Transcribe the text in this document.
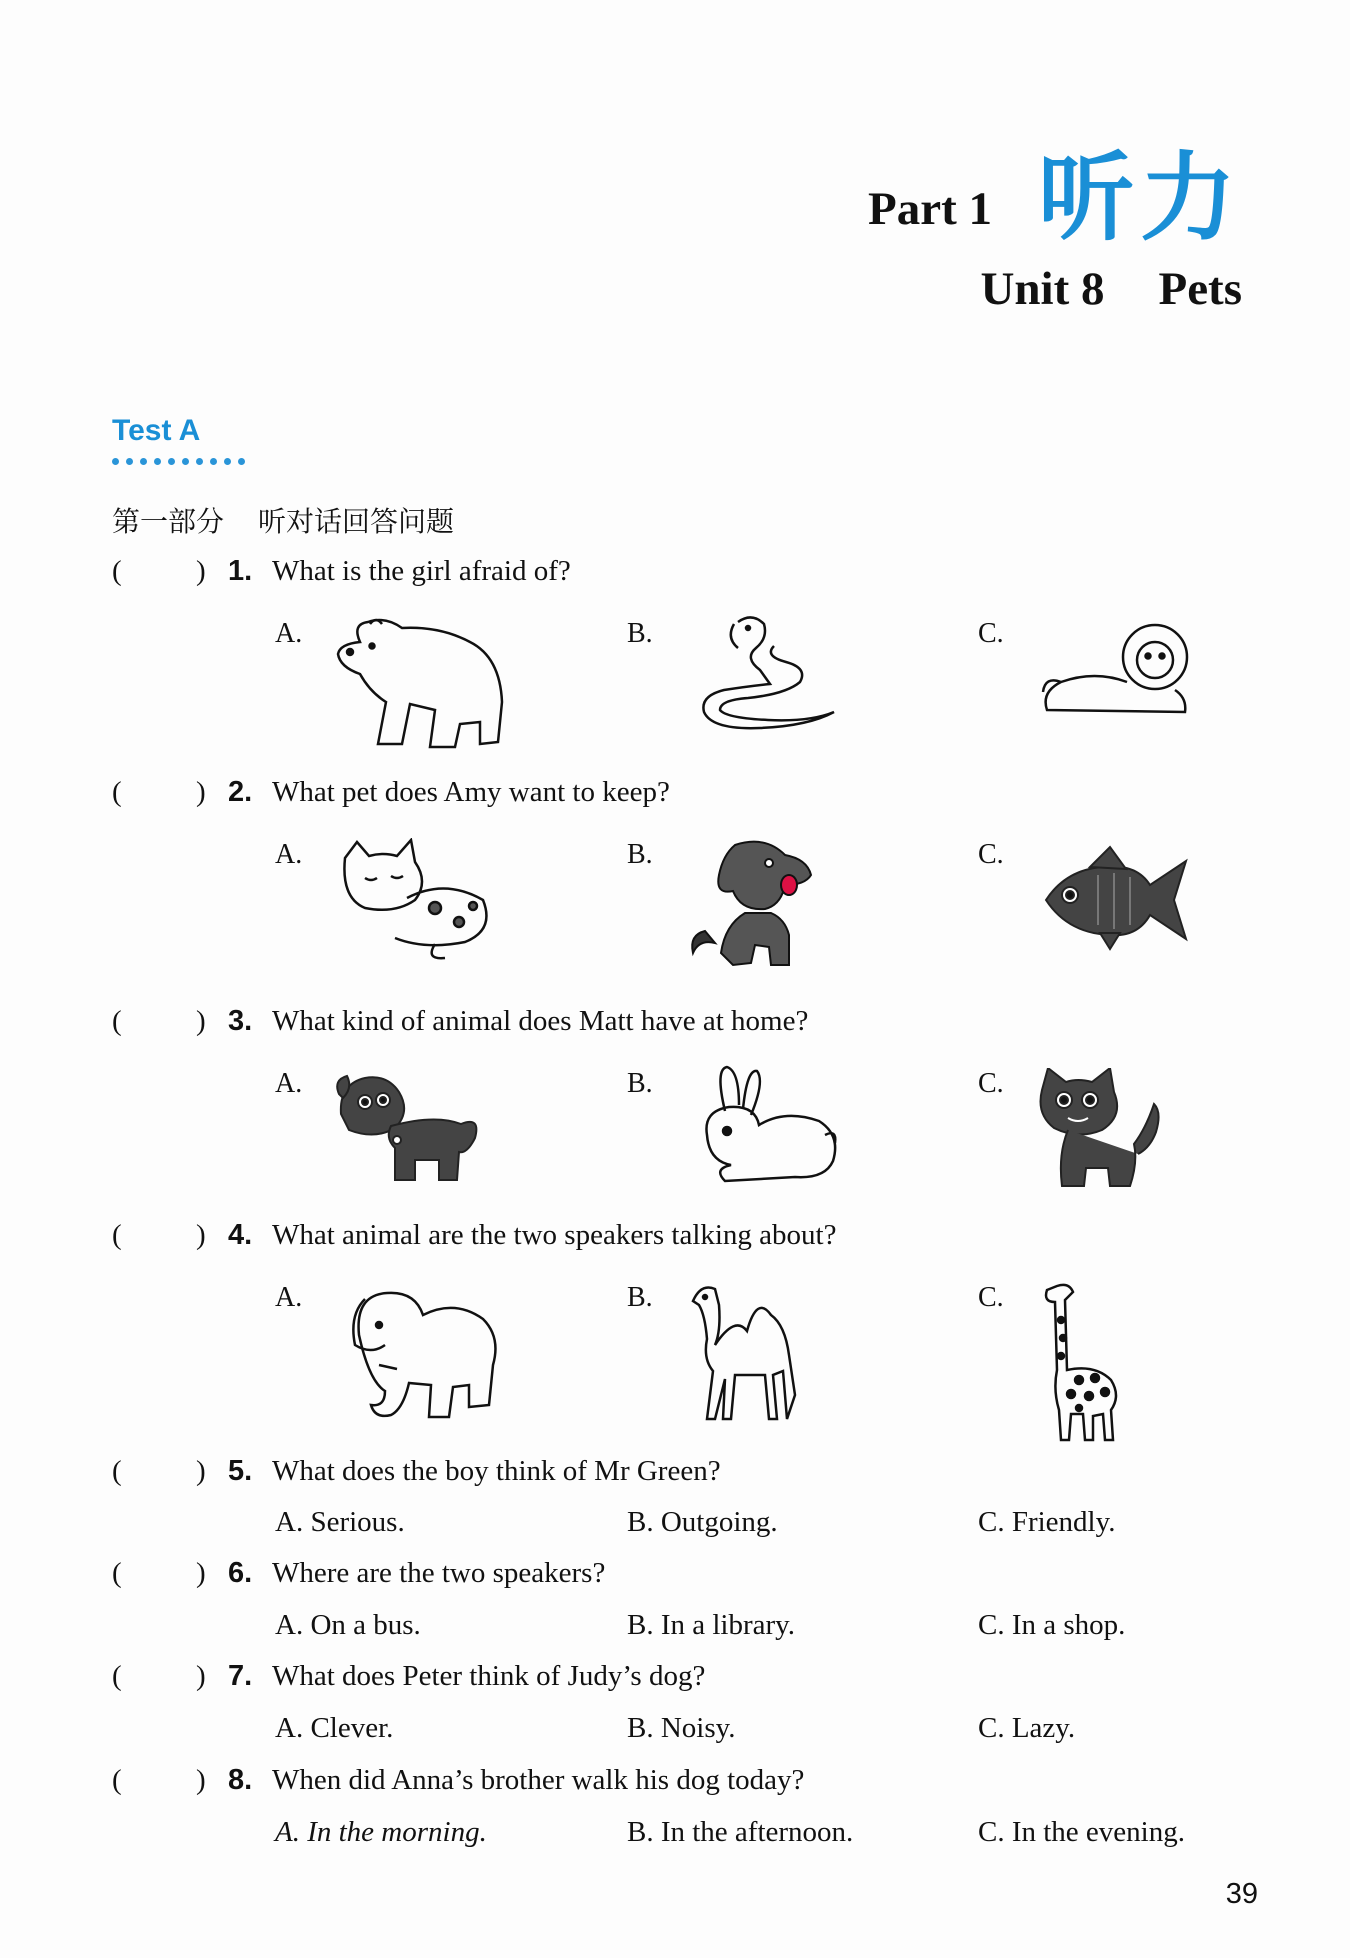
Part 1 听力
Unit 8 Pets
Test A
第一部分 听对话回答问题
(	) 1. What is the girl afraid of?
A.	B.	C.
(	) 2. What pet does Amy want to keep?
A.	B.	C.
(	) 3. What kind of animal does Matt have at home?
A.	B.	C.
(	) 4. What animal are the two speakers talking about?
A.	B.	C.
(	) 5. What does the boy think of Mr Green?
A. Serious.	B. Outgoing.	C. Friendly.
(	) 6. Where are the two speakers?
A. On a bus.	B. In a library.	C. In a shop.
(	) 7. What does Peter think of Judy’s dog?
A. Clever.	B. Noisy.	C. Lazy.
(	) 8. When did Anna’s brother walk his dog today?
A. In the morning.	B. In the afternoon.	C. In the evening.
39
